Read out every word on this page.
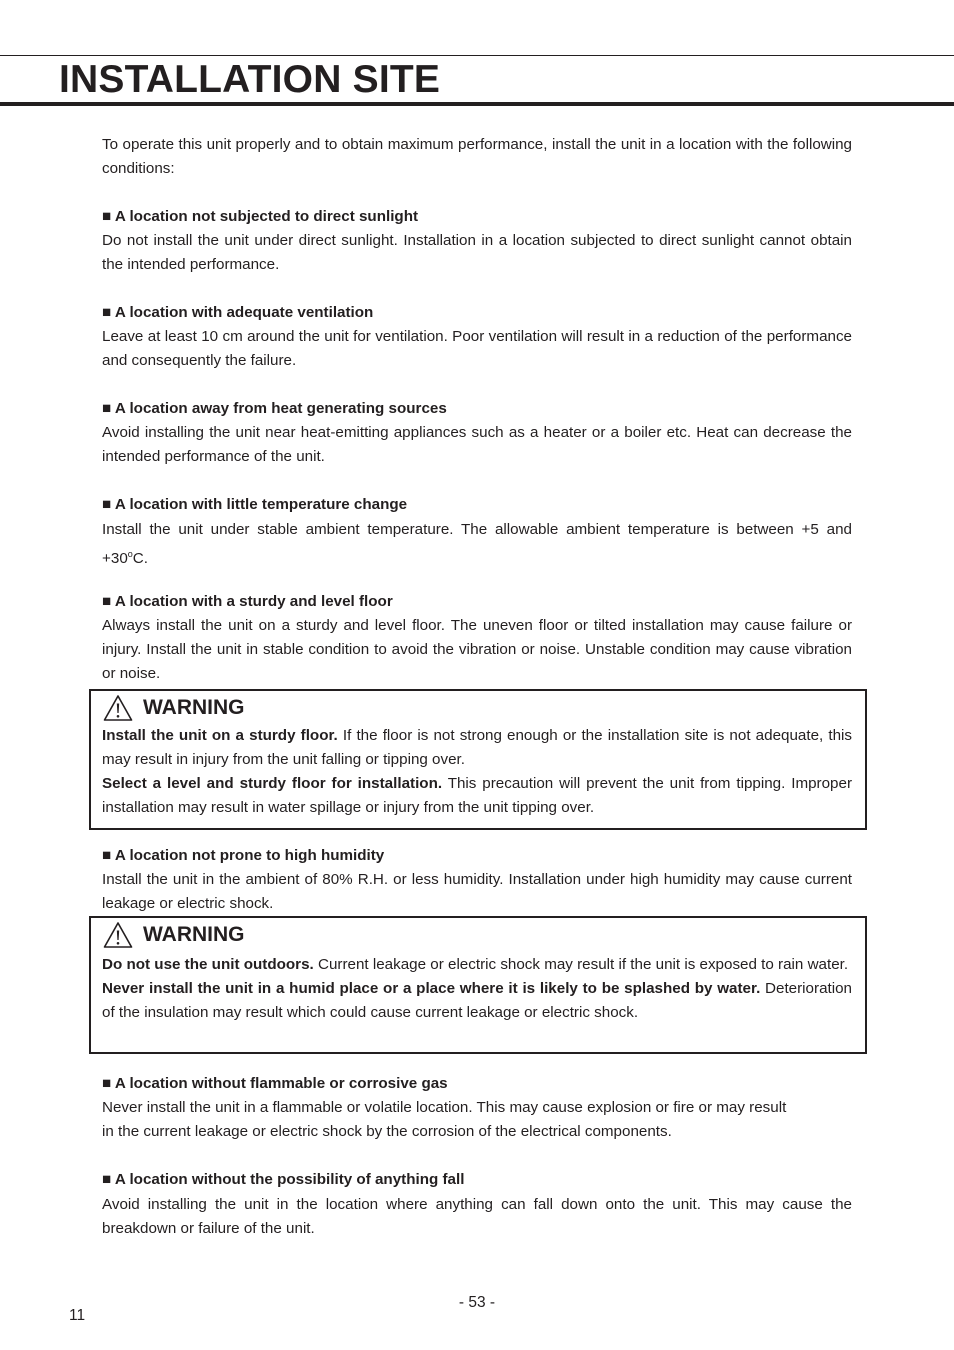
INSTALLATION SITE

To operate this unit properly and to obtain maximum performance, install the unit in a location with the following conditions:

■ A location not subjected to direct sunlight

Do not install the unit under direct sunlight. Installation in a location subjected to direct sunlight cannot obtain the intended performance.

■ A location with adequate ventilation

Leave at least 10 cm around the unit for ventilation. Poor ventilation will result in a reduction of the performance and consequently the failure.

■ A location away from heat generating sources

Avoid installing the unit near heat-emitting appliances such as a heater or a boiler etc. Heat can decrease the intended performance of the unit.

■ A location with little temperature change

Install the unit under stable ambient temperature. The allowable ambient temperature is between +5 and $+30^oC$.

■ A location with a sturdy and level floor

Always install the unit on a sturdy and level floor. The uneven floor or tilted installation may cause failure or injury. Install the unit in stable condition to avoid the vibration or noise. Unstable condition may cause vibration or noise.

WARNING

Install the unit on a sturdy floor. If the floor is not strong enough or the installation site is not adequate, this may result in injury from the unit falling or tipping over.

Select a level and sturdy floor for installation. This precaution will prevent the unit from tipping. Improper installation may result in water spillage or injury from the unit tipping over.

■ A location not prone to high humidity

Install the unit in the ambient of 80% R.H. or less humidity. Installation under high humidity may cause current leakage or electric shock.

WARNING

Do not use the unit outdoors. Current leakage or electric shock may result if the unit is exposed to rain water.

Never install the unit in a humid place or a place where it is likely to be splashed by water. Deterioration of the insulation may result which could cause current leakage or electric shock.

■ A location without flammable or corrosive gas

Never install the unit in a flammable or volatile location. This may cause explosion or fire or may result

in the current leakage or electric shock by the corrosion of the electrical components.

■ A location without the possibility of anything fall

Avoid installing the unit in the location where anything can fall down onto the unit. This may cause the breakdown or failure of the unit.

- 53 -
11
